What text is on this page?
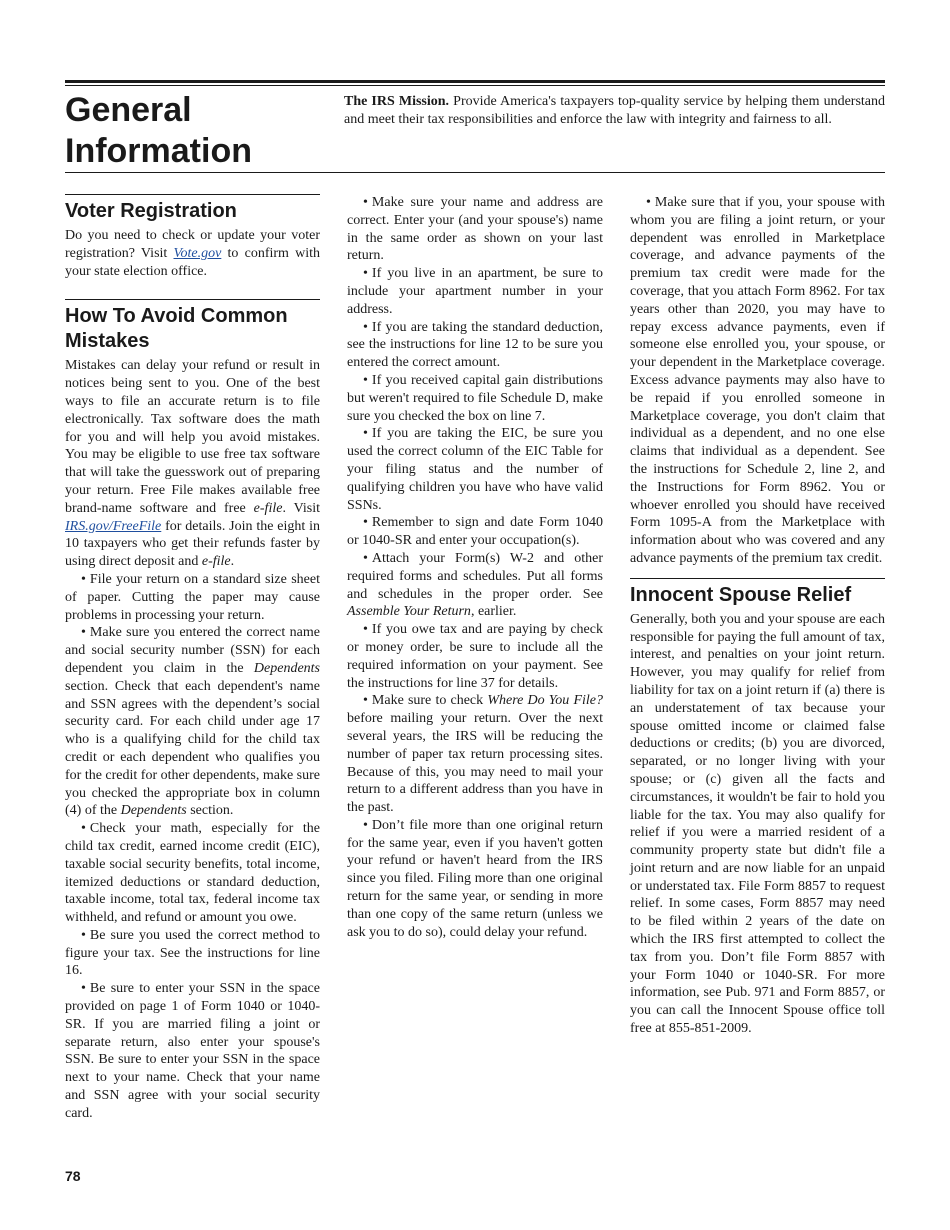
General
Information

The IRS Mission. Provide America's taxpayers top-quality service by helping them understand and meet their tax responsibilities and enforce the law with integrity and fairness to all.

Voter Registration

Do you need to check or update your voter registration? Visit Vote.gov to confirm with your state election office.

How To Avoid Common Mistakes

Mistakes can delay your refund or result in notices being sent to you. One of the best ways to file an accurate return is to file electronically. Tax software does the math for you and will help you avoid mistakes. You may be eligible to use free tax software that will take the guesswork out of preparing your return. Free File makes available free brand-name software and free e-file. Visit IRS.gov/FreeFile for details. Join the eight in 10 taxpayers who get their refunds faster by using direct deposit and e-file.

• File your return on a standard size sheet of paper. Cutting the paper may cause problems in processing your return.

• Make sure you entered the correct name and social security number (SSN) for each dependent you claim in the Dependents section. Check that each dependent's name and SSN agrees with the dependent’s social security card. For each child under age 17 who is a qualifying child for the child tax credit or each dependent who qualifies you for the credit for other dependents, make sure you checked the appropriate box in column (4) of the Dependents section.

• Check your math, especially for the child tax credit, earned income credit (EIC), taxable social security benefits, total income, itemized deductions or standard deduction, taxable income, total tax, federal income tax withheld, and refund or amount you owe.

• Be sure you used the correct method to figure your tax. See the instructions for line 16.

• Be sure to enter your SSN in the space provided on page 1 of Form 1040 or 1040-SR. If you are married filing a joint or separate return, also enter your spouse's SSN. Be sure to enter your SSN in the space next to your name. Check that your name and SSN agree with your social security card.

• Make sure your name and address are correct. Enter your (and your spouse's) name in the same order as shown on your last return.

• If you live in an apartment, be sure to include your apartment number in your address.

• If you are taking the standard deduction, see the instructions for line 12 to be sure you entered the correct amount.

• If you received capital gain distributions but weren't required to file Schedule D, make sure you checked the box on line 7.

• If you are taking the EIC, be sure you used the correct column of the EIC Table for your filing status and the number of qualifying children you have who have valid SSNs.

• Remember to sign and date Form 1040 or 1040-SR and enter your occupation(s).

• Attach your Form(s) W-2 and other required forms and schedules. Put all forms and schedules in the proper order. See Assemble Your Return, earlier.

• If you owe tax and are paying by check or money order, be sure to include all the required information on your payment. See the instructions for line 37 for details.

• Make sure to check Where Do You File? before mailing your return. Over the next several years, the IRS will be reducing the number of paper tax return processing sites. Because of this, you may need to mail your return to a different address than you have in the past.

• Don’t file more than one original return for the same year, even if you haven't gotten your refund or haven't heard from the IRS since you filed. Filing more than one original return for the same year, or sending in more than one copy of the same return (unless we ask you to do so), could delay your refund.

• Make sure that if you, your spouse with whom you are filing a joint return, or your dependent was enrolled in Marketplace coverage, and advance payments of the premium tax credit were made for the coverage, that you attach Form 8962. For tax years other than 2020, you may have to repay excess advance payments, even if someone else enrolled you, your spouse, or your dependent in the Marketplace coverage. Excess advance payments may also have to be repaid if you enrolled someone in Marketplace coverage, you don't claim that individual as a dependent, and no one else claims that individual as a dependent. See the instructions for Schedule 2, line 2, and the Instructions for Form 8962. You or whoever enrolled you should have received Form 1095-A from the Marketplace with information about who was covered and any advance payments of the premium tax credit.

Innocent Spouse Relief

Generally, both you and your spouse are each responsible for paying the full amount of tax, interest, and penalties on your joint return. However, you may qualify for relief from liability for tax on a joint return if (a) there is an understatement of tax because your spouse omitted income or claimed false deductions or credits; (b) you are divorced, separated, or no longer living with your spouse; or (c) given all the facts and circumstances, it wouldn't be fair to hold you liable for the tax. You may also qualify for relief if you were a married resident of a community property state but didn't file a joint return and are now liable for an unpaid or understated tax. File Form 8857 to request relief. In some cases, Form 8857 may need to be filed within 2 years of the date on which the IRS first attempted to collect the tax from you. Don’t file Form 8857 with your Form 1040 or 1040-SR. For more information, see Pub. 971 and Form 8857, or you can call the Innocent Spouse office toll free at 855-851-2009.

78
